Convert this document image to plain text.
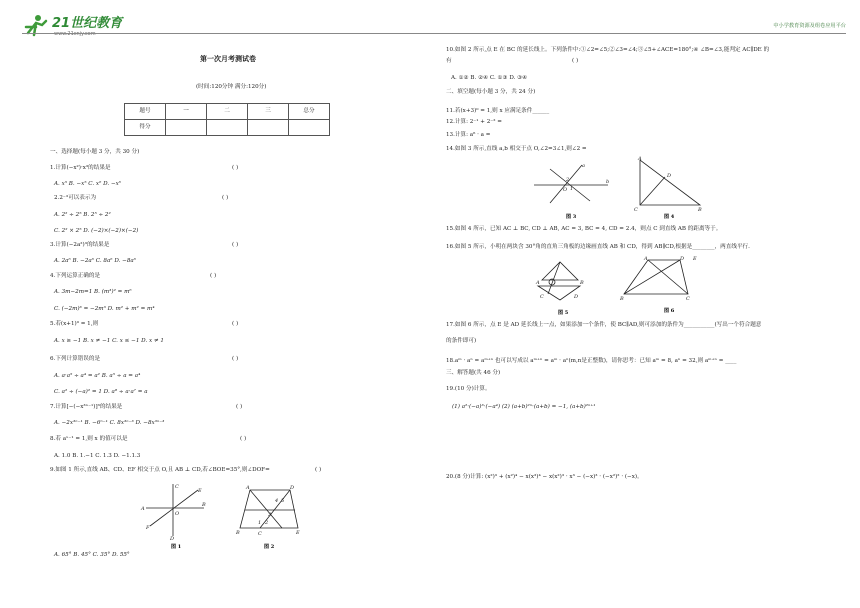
21世纪教育
www.21cnjy.com
中小学教育资源及组卷应用平台
第一次月考测试卷
(时间:120分钟 满分:120分)
题号	一	二	三	总分
得分				
一、选择题(每小题 3 分，共 30 分)
1.计算(−x²)·x³的结果是	( )
A. x⁵ B. −x⁵ C. x⁶ D. −x⁶
2.2⁻³可以表示为	( )
A. 2² ÷ 2⁵ B. 2⁵ ÷ 2²
C. 2² × 2⁵ D. (−2)×(−2)×(−2)
3.计算(−2a²)³的结果是	( )
A. 2a⁶ B. −2a⁶ C. 8a⁶ D. −8a⁶
4.下列运算正确的是	( )
A. 3m−2m=1 B. (m³)² = m⁶
C. (−2m)³ = −2m³ D. m² + m² = m⁴
5.若(x+1)⁰ = 1,则	( )
A. x ≥ −1 B. x ≠ −1 C. x ≤ −1 D. x ≠ 1
6.下列计算错误的是	( )
A. a·a⁵ ÷ a⁴ = a² B. a⁵ ÷ a = a⁴
C. a² ÷ (−a)² = 1 D. a⁸ ÷ a·a⁷ = a
7.计算[−(−x³ⁿ⁻¹)]³的结果是	( )
A. −2x³ⁿ⁻¹ B. −6ⁿ⁻¹ C. 8x³ⁿ⁻³ D. −8x³ⁿ⁻³
8.若 aˣ⁻¹ = 1,则 x 的值可以是	( )
A. 1.0 B. 1.−1 C. 1.3 D. −1.1.3
9.如图 1 所示,直线 AB、CD、EF 相交于点 O,且 AB ⊥ CD,若∠BOE=35°,则∠DOF=	( )
A. 65° B. 45° C. 35° D. 55°
A
B
C
D
E
F
O
图 1
A	D
B	C	E
4 5
3
1 2
图 2
10.如图 2 所示,点 E 在 BC 的延长线上。下列条件中:①∠2=∠5;②∠3=∠4;③∠5+∠ACE=180°;④ ∠B=∠3,能判定 AC∥DE 的
有	( )
A. ①② B. ②④ C. ①③ D. ③④
二、填空题(每小题 3 分，共 24 分)
11.若(x+3)⁰ = 1,则 x 应满足条件______
12.计算: 2⁻¹ + 2⁻² =
13.计算: a⁶ · a =
14.如图 3 所示,直线 a,b 相交于点 O,∠2=3∠1,则∠2 =
15.如图 4 所示，已知 AC ⊥ BC, CD ⊥ AB, AC = 3, BC = 4, CD = 2.4，则点 C 到直线 AB 的距离等于。
16.如图 5 所示，小明在两块含 30°角的直角三角板的边缘画直线 AB 和 CD，得到 AB∥CD,根据是________，两直线平行.
17.如图 6 所示，点 E 是 AD 延长线上一点，如果添加一个条件，使 BC∥AD,则可添加的条件为___________(写出一个符合题意
的条件即可)
18.aᵐ · aⁿ = aᵐ⁺ⁿ 也可以写成以 aᵐ⁺ⁿ = aᵐ · aⁿ(m,n是正整数)，请你思考：已知 aᵐ = 8, aⁿ = 32,则 aᵐ⁺ⁿ = ____
三、解答题(共 46 分)
19.(10 分)计算。
(1) a²·(−a)³·(−a⁴) (2) (a+b)²ⁿ·(a+b) = −1, (a+b)²ⁿ⁺¹
20.(8 分)计算: (x²)³ + (x²)⁴ − x(x³)⁴ − x(x²)³ · x³ − (−x)³ · (−x²)² · (−x)。
a
b
2
1
O
图 3
A
C	B
D
图 4
A	B
C	D
图 5
A	D E
B	C
图 6
